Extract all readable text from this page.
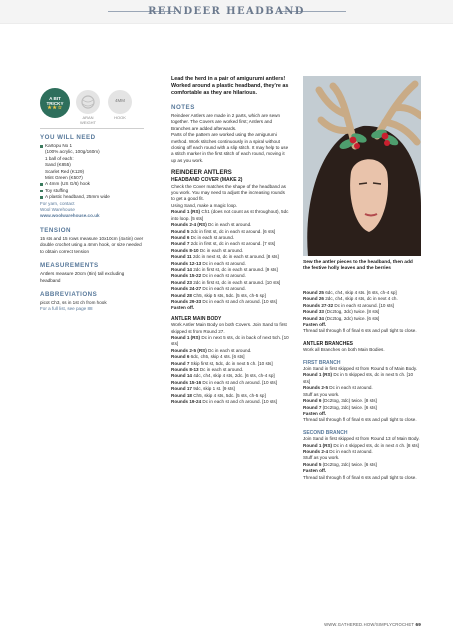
REINDEER HEADBAND
A BIT
TRICKY
★★☆
4MM
ARAN WEIGHT
HOOK
YOU WILL NEED
Kartopu No 1
(100% acrylic, 100g/160m)
1 ball of each:
Sand (K855)
Scarlet Red (K129)
Mint Green (K507)
A 4mm (US G/6) hook
Toy stuffing
A plastic headband, 25mm wide
For yarn, contact
Wool Warehouse
www.woolwarehouse.co.uk
TENSION
15 sts and 15 rows measure 10x10cm (4x4in) over double crochet using a 4mm hook, or size needed to obtain correct tension
MEASUREMENTS
Antlers measure 20cm (8in) tall excluding headband
ABBREVIATIONS
picot Ch3, ss in 1st ch from hook
For a full list, see page 88
Lead the herd in a pair of amigurumi antlers! Worked around a plastic headband, they're as comfortable as they are hilarious.
NOTES
Reindeer Antlers are made in 2 parts, which are sewn together. The Covers are worked first; Antlers and Branches are added afterwards.
Parts of the pattern are worked using the amigurumi method. Work stitches continuously in a spiral without closing off each round with a slip stitch. It may help to use a stitch marker in the first stitch of each round, moving it up as you work.
REINDEER ANTLERS
HEADBAND COVER (MAKE 2)
Check the Cover matches the shape of the headband as you work. You may need to adjust the increasing rounds to get a good fit.
Using Sand, make a magic loop.
Round 1 (RS) Ch1 (does not count as st throughout), 5dc into loop. [5 sts]
Rounds 2-4 (RS) Dc in each st around.
Round 5 2dc in first st, dc in each st around. [6 sts]
Round 6 Dc in each st around.
Round 7 2dc in first st, dc in each st around. [7 sts]
Rounds 8-10 Dc in each st around.
Round 11 2dc in next st, dc in each st around. [8 sts]
Rounds 12-13 Dc in each st around.
Round 14 2dc in first st, dc in each st around. [9 sts]
Rounds 15-22 Dc in each st around.
Round 23 2dc in first st, dc in each st around. [10 sts]
Rounds 24-27 Dc in each st around.
Round 28 Ch5, skip 5 sts, 5dc. [5 sts, ch-5 sp]
Rounds 29-33 Dc in each st and ch around. [10 sts]
Fasten off.
ANTLER MAIN BODY
Work Antler Main Body on both Covers. Join Sand to first skipped st from Round 27.
Round 1 (RS) Dc in next 5 sts, dc in back of next 5ch. [10 sts]
Rounds 2-5 (RS) Dc in each st around.
Round 6 6dc, ch5, skip 4 sts. [6 sts]
Round 7 Skip first st, 5dc, dc in next 5 ch. [10 sts]
Rounds 8-13 Dc in each st around.
Round 14 4dc, ch4, skip 4 sts, 2dc. [6 sts, ch-4 sp]
Rounds 15-16 Dc in each st and ch around. [10 sts]
Round 17 9dc, skip 1 st. [9 sts]
Round 18 Ch5, skip 4 sts, 5dc. [5 sts, ch-5 sp]
Rounds 19-24 Dc in each st and ch around. [10 sts]
Sew the antler pieces to the headband, then add the festive holly leaves and the berries
Round 25 6dc, ch4, skip 4 sts. [6 sts, ch-4 sp]
Round 26 2dc, ch4, skip 4 sts, dc in next 4 ch.
Rounds 27-32 Dc in each st around. [10 sts]
Round 33 (Dc2tog, 3dc) twice. [8 sts]
Round 34 (Dc2tog, 2dc) twice. [6 sts]
Fasten off.
Thread tail through fl of final 6 sts and pull tight to close.
ANTLER BRANCHES
Work all Branches on both Main Bodies.
FIRST BRANCH
Join Sand in first skipped st from Round 5 of Main Body.
Round 1 (RS) Dc in 5 skipped sts, dc in next 5 ch. [10 sts]
Rounds 2-5 Dc in each st around.
Stuff as you work.
Round 6 (Dc2tog, 3dc) twice. [8 sts]
Round 7 (Dc2tog, 2dc) twice. [6 sts]
Fasten off.
Thread tail through fl of final 6 sts and pull tight to close.
SECOND BRANCH
Join Sand in first skipped st from Round 13 of Main Body.
Round 1 (RS) Dc in 4 skipped sts, dc in next 4 ch. [8 sts]
Rounds 2-4 Dc in each st around.
Stuff as you work.
Round 5 (Dc2tog, 2dc) twice. [6 sts]
Fasten off.
Thread tail through fl of final 6 sts and pull tight to close.
WWW.GATHERED.HOW/SIMPLYCROCHET 69
